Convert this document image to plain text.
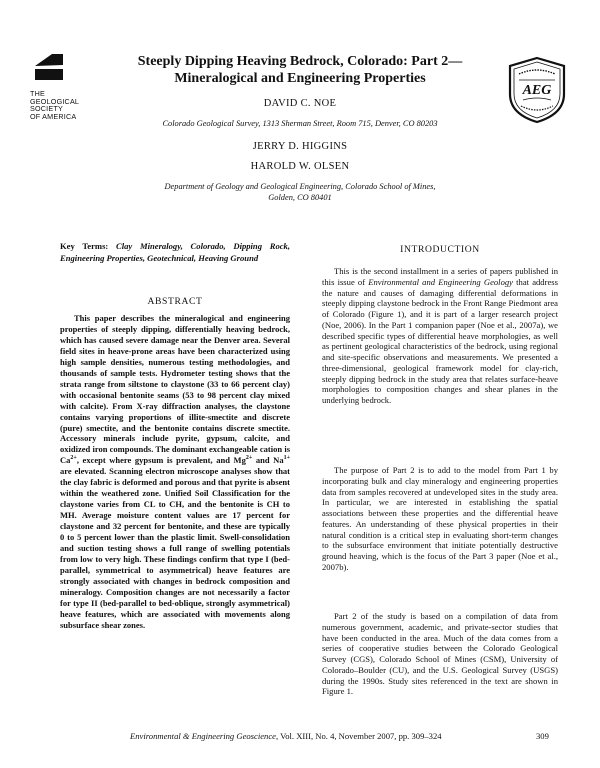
THE
GEOLOGICAL
SOCIETY
OF AMERICA
AEG
Steeply Dipping Heaving Bedrock, Colorado: Part 2—
Mineralogical and Engineering Properties
DAVID C. NOE
Colorado Geological Survey, 1313 Sherman Street, Room 715, Denver, CO 80203
JERRY D. HIGGINS
HAROLD W. OLSEN
Department of Geology and Geological Engineering, Colorado School of Mines,
Golden, CO 80401
Key Terms: Clay Mineralogy, Colorado, Dipping Rock, Engineering Properties, Geotechnical, Heaving Ground
ABSTRACT

This paper describes the mineralogical and engineering properties of steeply dipping, differentially heaving bedrock, which has caused severe damage near the Denver area. Several field sites in heave-prone areas have been characterized using high sample densities, numerous testing methodologies, and thousands of sample tests. Hydrometer testing shows that the strata range from siltstone to claystone (33 to 66 percent clay) with occasional bentonite seams (53 to 98 percent clay mixed with calcite). From X-ray diffraction analyses, the claystone contains varying proportions of illite-smectite and discrete (pure) smectite, and the bentonite contains discrete smectite. Accessory minerals include pyrite, gypsum, calcite, and oxidized iron compounds. The dominant exchangeable cation is $Ca^{2+}$, except where gypsum is prevalent, and $Mg^{2+}$ and $Na^{1+}$ are elevated. Scanning electron microscope analyses show that the clay fabric is deformed and porous and that pyrite is absent within the weathered zone. Unified Soil Classification for the claystone varies from CL to CH, and the bentonite is CH to MH. Average moisture content values are 17 percent for claystone and 32 percent for bentonite, and these are typically 0 to 5 percent lower than the plastic limit. Swell-consolidation and suction testing shows a full range of swelling potentials from low to very high. These findings confirm that type I (bed-parallel, symmetrical to asymmetrical) heave features are strongly associated with changes in bedrock composition and mineralogy. Composition changes are not necessarily a factor for type II (bed-parallel to bed-oblique, strongly asymmetrical) heave features, which are associated with movements along subsurface shear zones.

INTRODUCTION

This is the second installment in a series of papers published in this issue of Environmental and Engineering Geology that address the nature and causes of damaging differential deformations in steeply dipping claystone bedrock in the Front Range Piedmont area of Colorado (Figure 1), and it is part of a larger research project (Noe, 2006). In the Part 1 companion paper (Noe et al., 2007a), we described specific types of differential heave morphologies, as well as pertinent geological characteristics of the bedrock, using regional and site-specific observations and measurements. We presented a three-dimensional, geological framework model for clay-rich, steeply dipping bedrock in the study area that relates surface-heave morphologies to composition changes and shear planes in the underlying bedrock.

The purpose of Part 2 is to add to the model from Part 1 by incorporating bulk and clay mineralogy and engineering properties data from samples recovered at undeveloped sites in the study area. In particular, we are interested in establishing the spatial associations between these properties and the differential heave features. An understanding of these physical properties in their natural condition is a critical step in evaluating short-term changes to the subsurface environment that initiate potentially destructive ground heaving, which is the focus of the Part 3 paper (Noe et al., 2007b).

Part 2 of the study is based on a compilation of data from numerous government, academic, and private-sector studies that have been conducted in the area. Much of the data comes from a series of cooperative studies between the Colorado Geological Survey (CGS), Colorado School of Mines (CSM), University of Colorado–Boulder (CU), and the U.S. Geological Survey (USGS) during the 1990s. Study sites referenced in the text are shown in Figure 1.

Environmental & Engineering Geoscience, Vol. XIII, No. 4, November 2007, pp. 309–324	309
